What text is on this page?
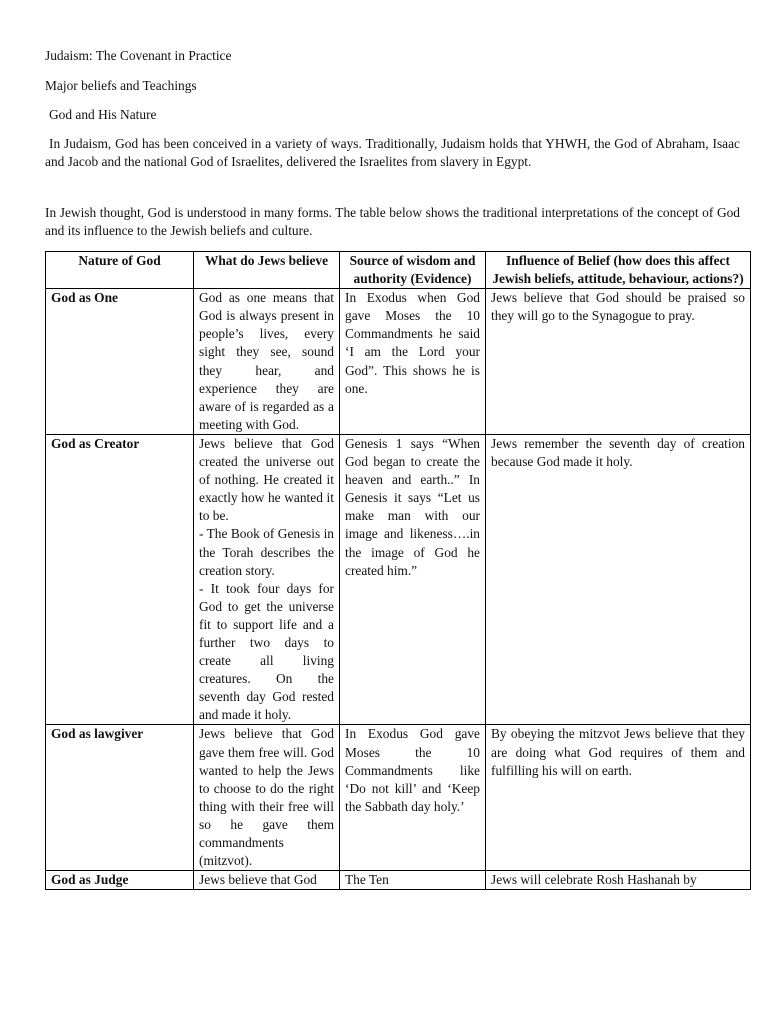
Judaism: The Covenant in Practice

Major beliefs and Teachings

God and His Nature

In Judaism, God has been conceived in a variety of ways. Traditionally, Judaism holds that YHWH, the God of Abraham, Isaac and Jacob and the national God of Israelites, delivered the Israelites from slavery in Egypt.

In Jewish thought, God is understood in many forms. The table below shows the traditional interpretations of the concept of God and its influence to the Jewish beliefs and culture.

Nature of God	What do Jews believe	Source of wisdom and authority (Evidence)	Influence of Belief (how does this affect Jewish beliefs, attitude, behaviour, actions?)
God as One	God as one means that God is always present in people’s lives, every sight they see, sound they hear, and experience they are aware of is regarded as a meeting with God.	In Exodus when God gave Moses the 10 Commandments he said ‘I am the Lord your God”. This shows he is one.	Jews believe that God should be praised so they will go to the Synagogue to pray.
God as Creator	Jews believe that God created the universe out of nothing. He created it exactly how he wanted it to be.
- The Book of Genesis in the Torah describes the creation story.
- It took four days for God to get the universe fit to support life and a further two days to create all living creatures. On the seventh day God rested and made it holy.	Genesis 1 says “When God began to create the heaven and earth..” In Genesis it says “Let us make man with our image and likeness….in the image of God he created him.”	Jews remember the seventh day of creation because God made it holy.
God as lawgiver	Jews believe that God gave them free will. God wanted to help the Jews to choose to do the right thing with their free will so he gave them commandments (mitzvot).	In Exodus God gave Moses the 10 Commandments like ‘Do not kill’ and ‘Keep the Sabbath day holy.’	By obeying the mitzvot Jews believe that they are doing what God requires of them and fulfilling his will on earth.
God as Judge	Jews believe that God	The Ten	Jews will celebrate Rosh Hashanah by
